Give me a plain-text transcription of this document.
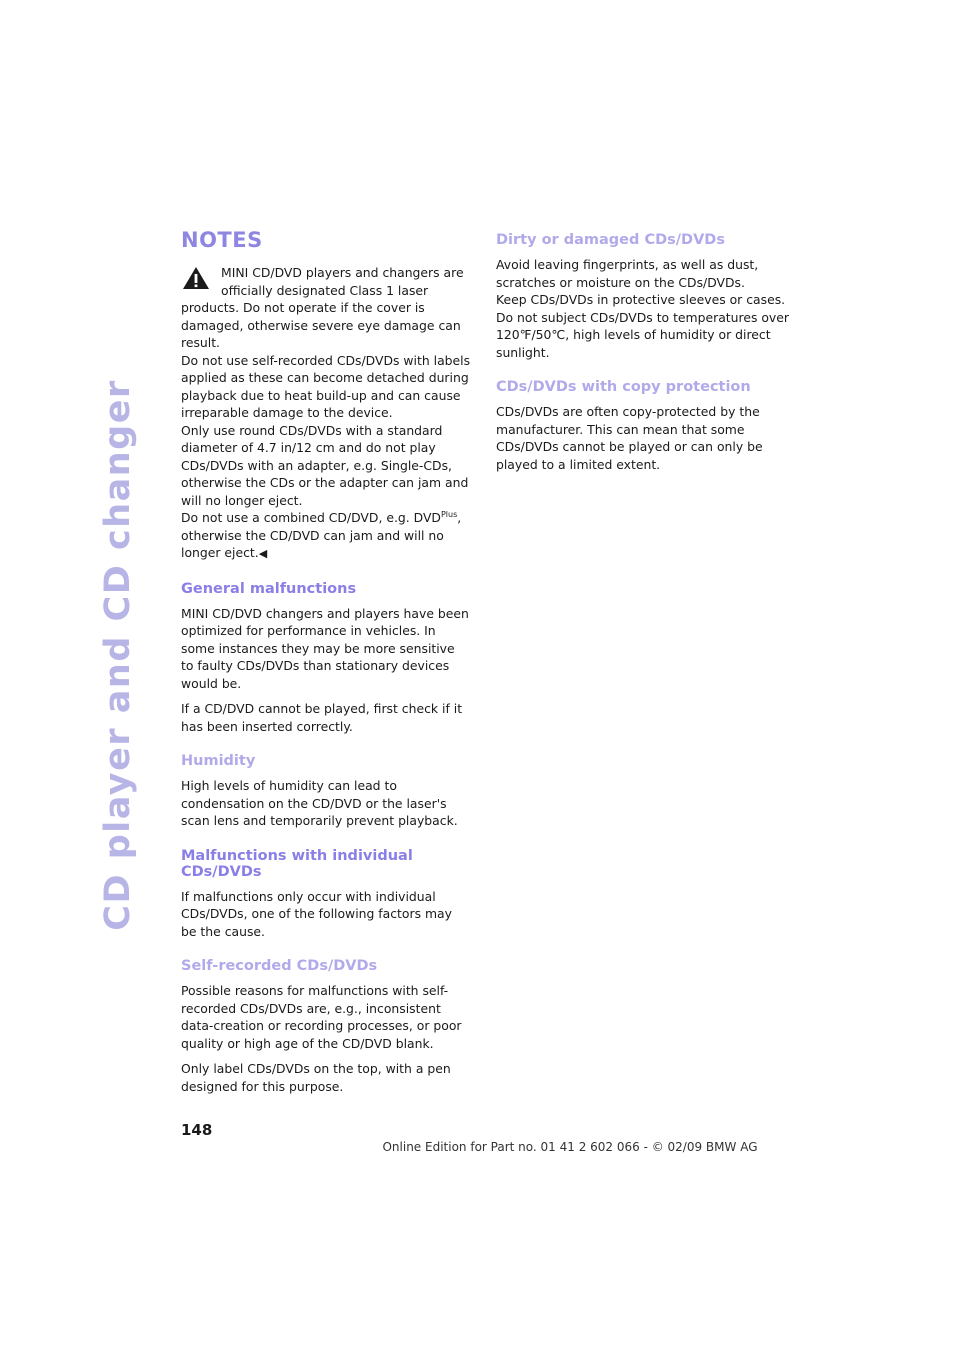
CD player and CD changer
NOTES

MINI CD/DVD players and changers are officially designated Class 1 laser products. Do not operate if the cover is damaged, otherwise severe eye damage can result.

Do not use self-recorded CDs/DVDs with labels applied as these can become detached during playback due to heat build-up and can cause irreparable damage to the device.

Only use round CDs/DVDs with a standard diameter of 4.7 in/12 cm and do not play CDs/DVDs with an adapter, e.g. Single-CDs, otherwise the CDs or the adapter can jam and will no longer eject.

Do not use a combined CD/DVD, e.g. $DVD^{Plus}$, otherwise the CD/DVD can jam and will no longer eject.◀

General malfunctions

MINI CD/DVD changers and players have been optimized for performance in vehicles. In some instances they may be more sensitive to faulty CDs/DVDs than stationary devices would be.

If a CD/DVD cannot be played, first check if it has been inserted correctly.

Humidity

High levels of humidity can lead to condensation on the CD/DVD or the laser's scan lens and temporarily prevent playback.

Malfunctions with individual CDs/DVDs

If malfunctions only occur with individual CDs/DVDs, one of the following factors may be the cause.

Self-recorded CDs/DVDs

Possible reasons for malfunctions with self-recorded CDs/DVDs are, e.g., inconsistent data-creation or recording processes, or poor quality or high age of the CD/DVD blank.

Only label CDs/DVDs on the top, with a pen designed for this purpose.

Dirty or damaged CDs/DVDs

Avoid leaving fingerprints, as well as dust, scratches or moisture on the CDs/DVDs.

Keep CDs/DVDs in protective sleeves or cases.

Do not subject CDs/DVDs to temperatures over 120℉/50℃, high levels of humidity or direct sunlight.

CDs/DVDs with copy protection

CDs/DVDs are often copy-protected by the manufacturer. This can mean that some CDs/DVDs cannot be played or can only be played to a limited extent.

148
Online Edition for Part no. 01 41 2 602 066 - © 02/09 BMW AG
